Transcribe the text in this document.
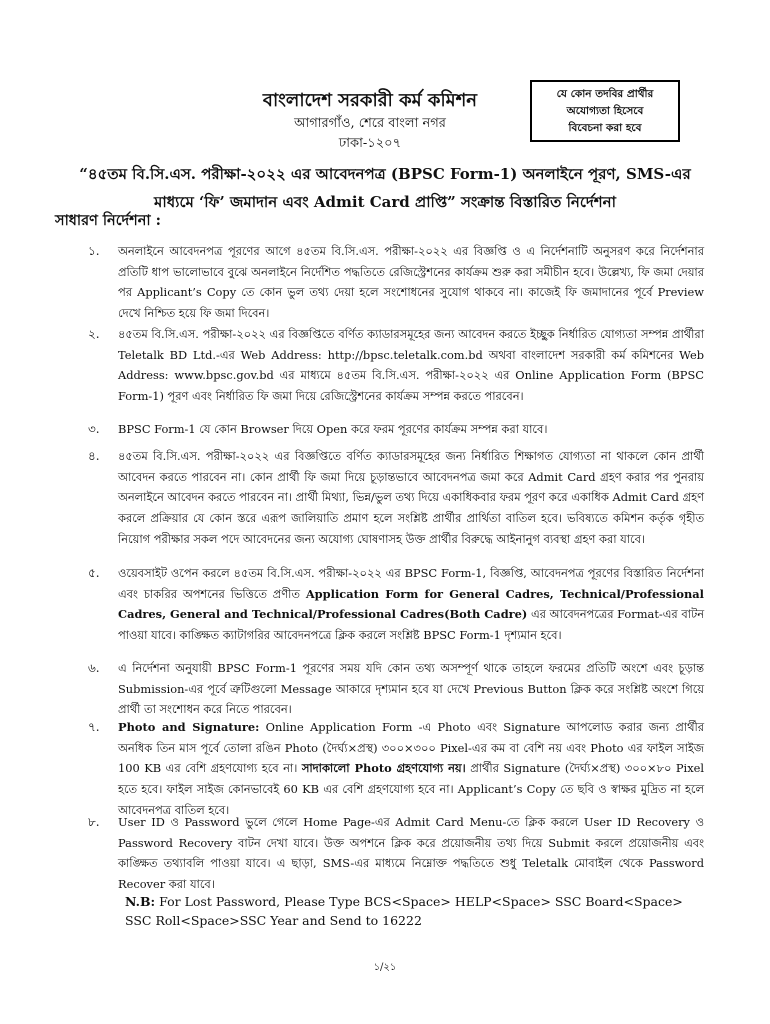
বাংলাদেশ সরকারী কর্ম কমিশন
আগারগাঁও, শেরে বাংলা নগর
ঢাকা-১২০৭
যে কোন তদবির প্রার্থীর
অযোগ্যতা হিসেবে
বিবেচনা করা হবে
“৪৫তম বি.সি.এস. পরীক্ষা-২০২২ এর আবেদনপত্র (BPSC Form-1) অনলাইনে পূরণ, SMS-এর
মাধ্যমে ‘ফি’ জমাদান এবং Admit Card প্রাপ্তি” সংক্রান্ত বিস্তারিত নির্দেশনা
সাধারণ নির্দেশনা :
১. অনলাইনে আবেদনপত্র পূরণের আগে ৪৫তম বি.সি.এস. পরীক্ষা-২০২২ এর বিজ্ঞপ্তি ও এ নির্দেশনাটি অনুসরণ করে নির্দেশনার প্রতিটি ধাপ ভালোভাবে বুঝে অনলাইনে নির্দেশিত পদ্ধতিতে রেজিস্ট্রেশনের কার্যক্রম শুরু করা সমীচীন হবে। উল্লেখ্য, ফি জমা দেয়ার পর Applicant’s Copy তে কোন ভুল তথ্য দেয়া হলে সংশোধনের সুযোগ থাকবে না। কাজেই ফি জমাদানের পূর্বে Preview দেখে নিশ্চিত হয়ে ফি জমা দিবেন।
২. ৪৫তম বি.সি.এস. পরীক্ষা-২০২২ এর বিজ্ঞপ্তিতে বর্ণিত ক্যাডারসমূহের জন্য আবেদন করতে ইচ্ছুক নির্ধারিত যোগ্যতা সম্পন্ন প্রার্থীরা Teletalk BD Ltd.-এর Web Address: http://bpsc.teletalk.com.bd অথবা বাংলাদেশ সরকারী কর্ম কমিশনের Web Address: www.bpsc.gov.bd এর মাধ্যমে ৪৫তম বি.সি.এস. পরীক্ষা-২০২২ এর Online Application Form (BPSC Form-1) পূরণ এবং নির্ধারিত ফি জমা দিয়ে রেজিস্ট্রেশনের কার্যক্রম সম্পন্ন করতে পারবেন।
৩. BPSC Form-1 যে কোন Browser দিয়ে Open করে ফরম পূরণের কার্যক্রম সম্পন্ন করা যাবে।
৪. ৪৫তম বি.সি.এস. পরীক্ষা-২০২২ এর বিজ্ঞপ্তিতে বর্ণিত ক্যাডারসমূহের জন্য নির্ধারিত শিক্ষাগত যোগ্যতা না থাকলে কোন প্রার্থী আবেদন করতে পারবেন না। কোন প্রার্থী ফি জমা দিয়ে চূড়ান্তভাবে আবেদনপত্র জমা করে Admit Card গ্রহণ করার পর পুনরায় অনলাইনে আবেদন করতে পারবেন না। প্রার্থী মিথ্যা, ভিন্ন/ভুল তথ্য দিয়ে একাধিকবার ফরম পূরণ করে একাধিক Admit Card গ্রহণ করলে প্রক্রিয়ার যে কোন স্তরে এরূপ জালিয়াতি প্রমাণ হলে সংশ্লিষ্ট প্রার্থীর প্রার্থিতা বাতিল হবে। ভবিষ্যতে কমিশন কর্তৃক গৃহীত নিয়োগ পরীক্ষার সকল পদে আবেদনের জন্য অযোগ্য ঘোষণাসহ উক্ত প্রার্থীর বিরুদ্ধে আইনানুগ ব্যবস্থা গ্রহণ করা যাবে।
৫. ওয়েবসাইট ওপেন করলে ৪৫তম বি.সি.এস. পরীক্ষা-২০২২ এর BPSC Form-1, বিজ্ঞপ্তি, আবেদনপত্র পূরণের বিস্তারিত নির্দেশনা এবং চাকরির অপশনের ভিত্তিতে প্রণীত Application Form for General Cadres, Technical/Professional Cadres, General and Technical/Professional Cadres(Both Cadre) এর আবেদনপত্রের Format-এর বাটন পাওয়া যাবে। কাঙ্ক্ষিত ক্যাটাগরির আবেদনপত্রে ক্লিক করলে সংশ্লিষ্ট BPSC Form-1 দৃশ্যমান হবে।
৬. এ নির্দেশনা অনুযায়ী BPSC Form-1 পূরণের সময় যদি কোন তথ্য অসম্পূর্ণ থাকে তাহলে ফরমের প্রতিটি অংশে এবং চূড়ান্ত Submission-এর পূর্বে ত্রুটিগুলো Message আকারে দৃশ্যমান হবে যা দেখে Previous Button ক্লিক করে সংশ্লিষ্ট অংশে গিয়ে প্রার্থী তা সংশোধন করে নিতে পারবেন।
৭. Photo and Signature: Online Application Form -এ Photo এবং Signature আপলোড করার জন্য প্রার্থীর অনধিক তিন মাস পূর্বে তোলা রঙিন Photo (দৈর্ঘ্য×প্রস্থ) ৩০০×৩০০ Pixel-এর কম বা বেশি নয় এবং Photo এর ফাইল সাইজ 100 KB এর বেশি গ্রহণযোগ্য হবে না। সাদাকালো Photo গ্রহণযোগ্য নয়। প্রার্থীর Signature (দৈর্ঘ্য×প্রস্থ) ৩০০×৮০ Pixel হতে হবে। ফাইল সাইজ কোনভাবেই 60 KB এর বেশি গ্রহণযোগ্য হবে না। Applicant’s Copy তে ছবি ও স্বাক্ষর মুদ্রিত না হলে আবেদনপত্র বাতিল হবে।
৮. User ID ও Password ভুলে গেলে Home Page-এর Admit Card Menu-তে ক্লিক করলে User ID Recovery ও Password Recovery বাটন দেখা যাবে। উক্ত অপশনে ক্লিক করে প্রয়োজনীয় তথ্য দিয়ে Submit করলে প্রয়োজনীয় এবং কাঙ্ক্ষিত তথ্যাবলি পাওয়া যাবে। এ ছাড়া, SMS-এর মাধ্যমে নিম্নোক্ত পদ্ধতিতে শুধু Teletalk মোবাইল থেকে Password Recover করা যাবে।
N.B: For Lost Password, Please Type BCS<Space> HELP<Space> SSC Board<Space> SSC Roll<Space>SSC Year and Send to 16222
১/২১
